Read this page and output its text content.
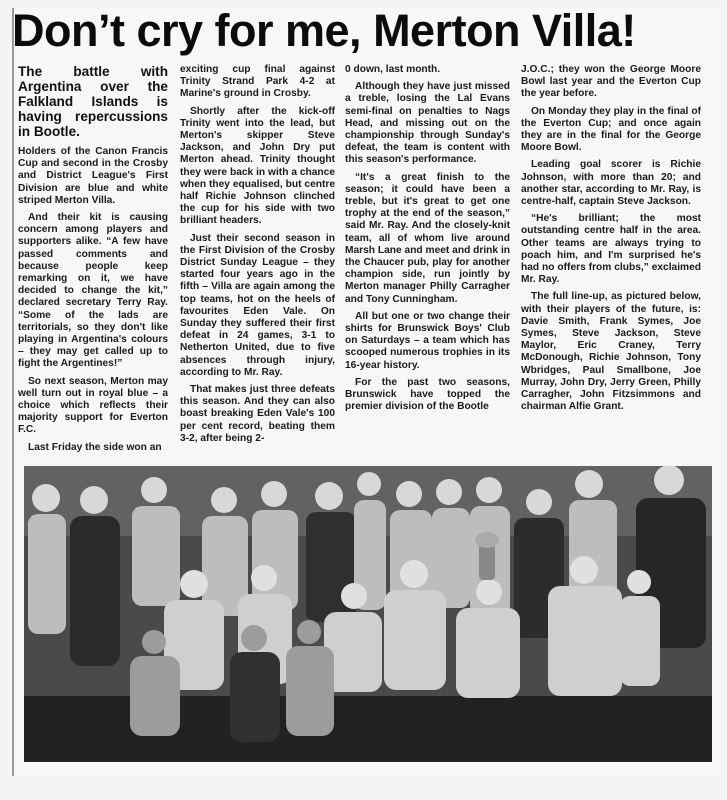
Don’t cry for me, Merton Villa!
The battle with Argentina over the Falkland Islands is having repercussions in Bootle.

Holders of the Canon Francis Cup and second in the Crosby and District League's First Division are blue and white striped Merton Villa.

And their kit is causing concern among players and supporters alike. “A few have passed comments and because people keep remarking on it, we have decided to change the kit,” declared secretary Terry Ray. “Some of the lads are territorials, so they don't like playing in Argentina's colours – they may get called up to fight the Argentines!”

So next season, Merton may well turn out in royal blue – a choice which reflects their majority support for Everton F.C.

Last Friday the side won an

exciting cup final against Trinity Strand Park 4-2 at Marine's ground in Crosby.

Shortly after the kick-off Trinity went into the lead, but Merton's skipper Steve Jackson, and John Dry put Merton ahead. Trinity thought they were back in with a chance when they equalised, but centre half Richie Johnson clinched the cup for his side with two brilliant headers.

Just their second season in the First Division of the Crosby District Sunday League – they started four years ago in the fifth – Villa are again among the top teams, hot on the heels of favourites Eden Vale. On Sunday they suffered their first defeat in 24 games, 3-1 to Netherton United, due to five absences through injury, according to Mr. Ray.

That makes just three defeats this season. And they can also boast breaking Eden Vale's 100 per cent record, beating them 3-2, after being 2-

0 down, last month.

Although they have just missed a treble, losing the Lal Evans semi-final on penalties to Nags Head, and missing out on the championship through Sunday's defeat, the team is content with this season's performance.

“It's a great finish to the season; it could have been a treble, but it's great to get one trophy at the end of the season,” said Mr. Ray. And the closely-knit team, all of whom live around Marsh Lane and meet and drink in the Chaucer pub, play for another champion side, run jointly by Merton manager Philly Carragher and Tony Cunningham.

All but one or two change their shirts for Brunswick Boys' Club on Saturdays – a team which has scooped numerous trophies in its 16-year history.

For the past two seasons, Brunswick have topped the premier division of the Bootle

J.O.C.; they won the George Moore Bowl last year and the Everton Cup the year before.

On Monday they play in the final of the Everton Cup; and once again they are in the final for the George Moore Bowl.

Leading goal scorer is Richie Johnson, with more than 20; and another star, according to Mr. Ray, is centre-half, captain Steve Jackson.

“He's brilliant; the most outstanding centre half in the area. Other teams are always trying to poach him, and I'm surprised he's had no offers from clubs,” exclaimed Mr. Ray.

The full line-up, as pictured below, with their players of the future, is: Davie Smith, Frank Symes, Joe Symes, Steve Jackson, Steve Maylor, Eric Craney, Terry McDonough, Richie Johnson, Tony Wbridges, Paul Smallbone, Joe Murray, John Dry, Jerry Green, Philly Carragher, John Fitzsimmons and chairman Alfie Grant.
